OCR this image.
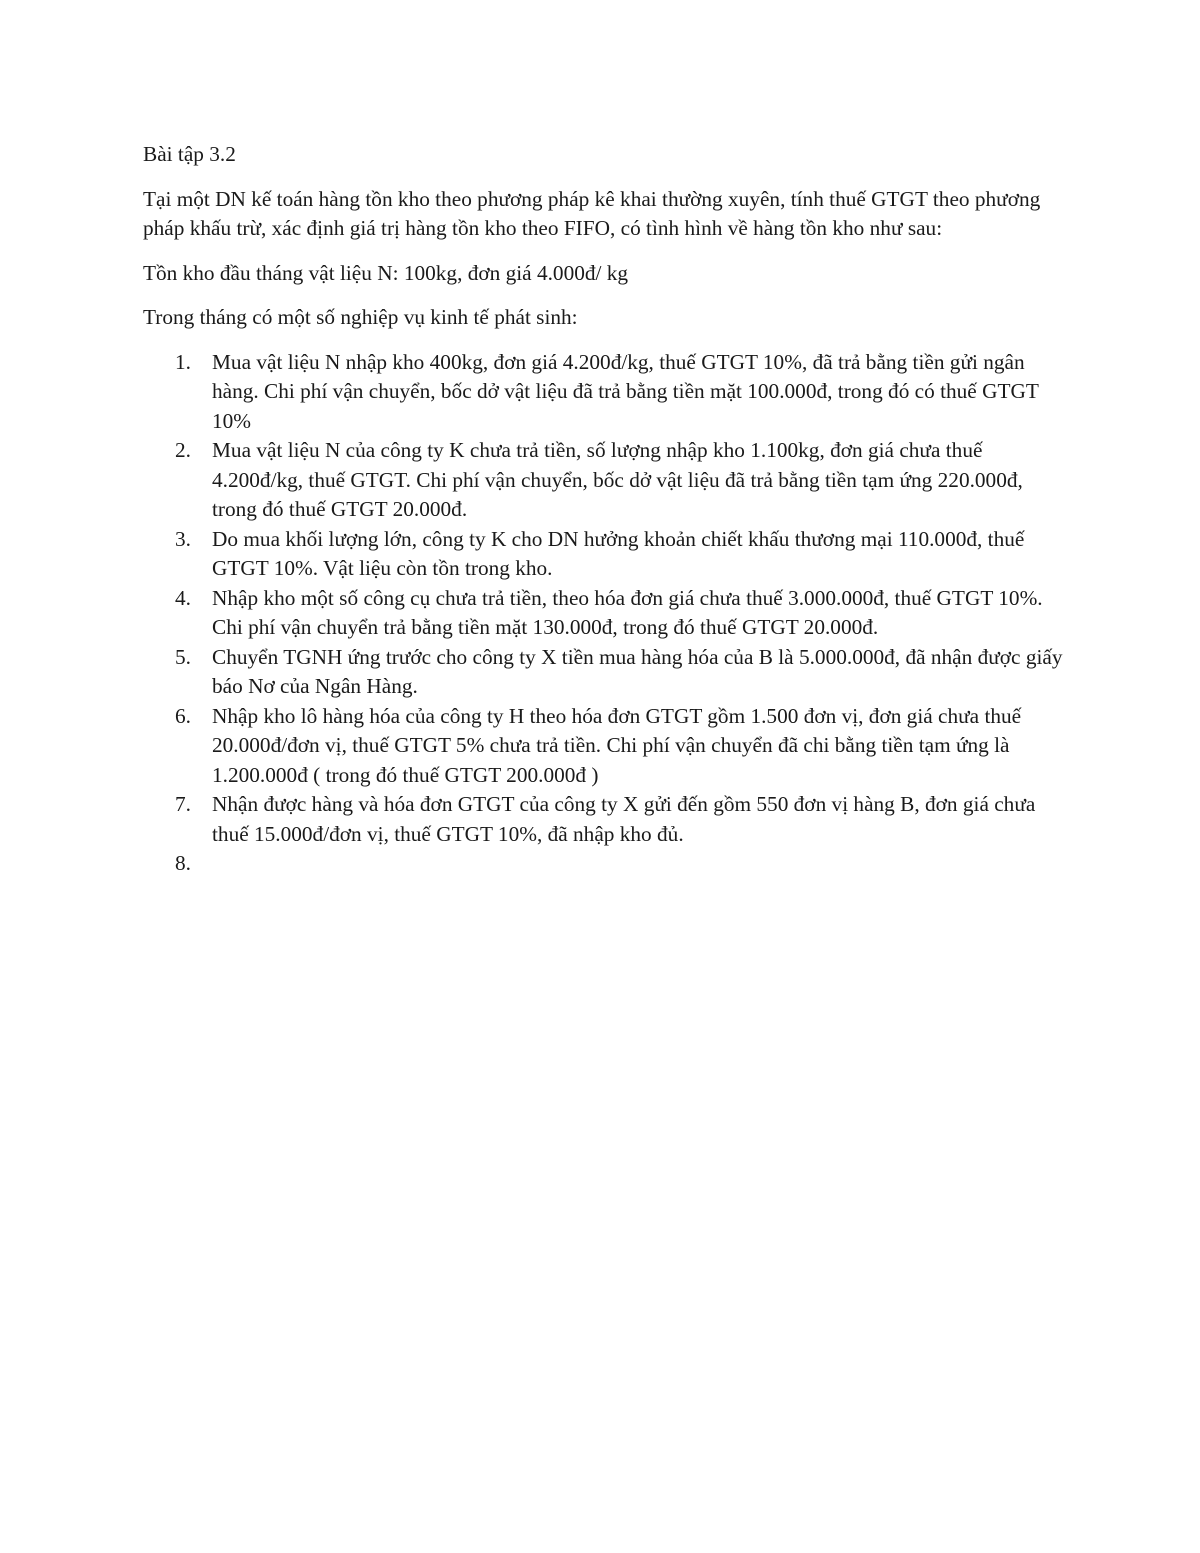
Bài tập 3.2

Tại một DN kế toán hàng tồn kho theo phương pháp kê khai thường xuyên, tính thuế GTGT theo phương pháp khấu trừ, xác định giá trị hàng tồn kho theo FIFO, có tình hình về hàng tồn kho như sau:

Tồn kho đầu tháng vật liệu N: 100kg, đơn giá 4.000đ/ kg

Trong tháng có một số nghiệp vụ kinh tế phát sinh:

1. Mua vật liệu N nhập kho 400kg, đơn giá 4.200đ/kg, thuế GTGT 10%, đã trả bằng tiền gửi ngân hàng. Chi phí vận chuyển, bốc dở vật liệu đã trả bằng tiền mặt 100.000đ, trong đó có thuế GTGT 10%
2. Mua vật liệu N của công ty K chưa trả tiền, số lượng nhập kho 1.100kg, đơn giá chưa thuế 4.200đ/kg, thuế GTGT. Chi phí vận chuyển, bốc dở vật liệu đã trả bằng tiền tạm ứng 220.000đ, trong đó thuế GTGT 20.000đ.
3. Do mua khối lượng lớn, công ty K cho DN hưởng khoản chiết khấu thương mại 110.000đ, thuế GTGT 10%. Vật liệu còn tồn trong kho.
4. Nhập kho một số công cụ chưa trả tiền, theo hóa đơn giá chưa thuế 3.000.000đ, thuế GTGT 10%. Chi phí vận chuyển trả bằng tiền mặt 130.000đ, trong đó thuế GTGT 20.000đ.
5. Chuyển TGNH ứng trước cho công ty X tiền mua hàng hóa của B là 5.000.000đ, đã nhận được giấy báo Nơ của Ngân Hàng.
6. Nhập kho lô hàng hóa của công ty H theo hóa đơn GTGT gồm 1.500 đơn vị, đơn giá chưa thuế 20.000đ/đơn vị, thuế GTGT 5% chưa trả tiền. Chi phí vận chuyển đã chi bằng tiền tạm ứng là 1.200.000đ ( trong đó thuế GTGT 200.000đ )
7. Nhận được hàng và hóa đơn GTGT của công ty X gửi đến gồm 550 đơn vị hàng B, đơn giá chưa thuế 15.000đ/đơn vị, thuế GTGT 10%, đã nhập kho đủ.
8.
